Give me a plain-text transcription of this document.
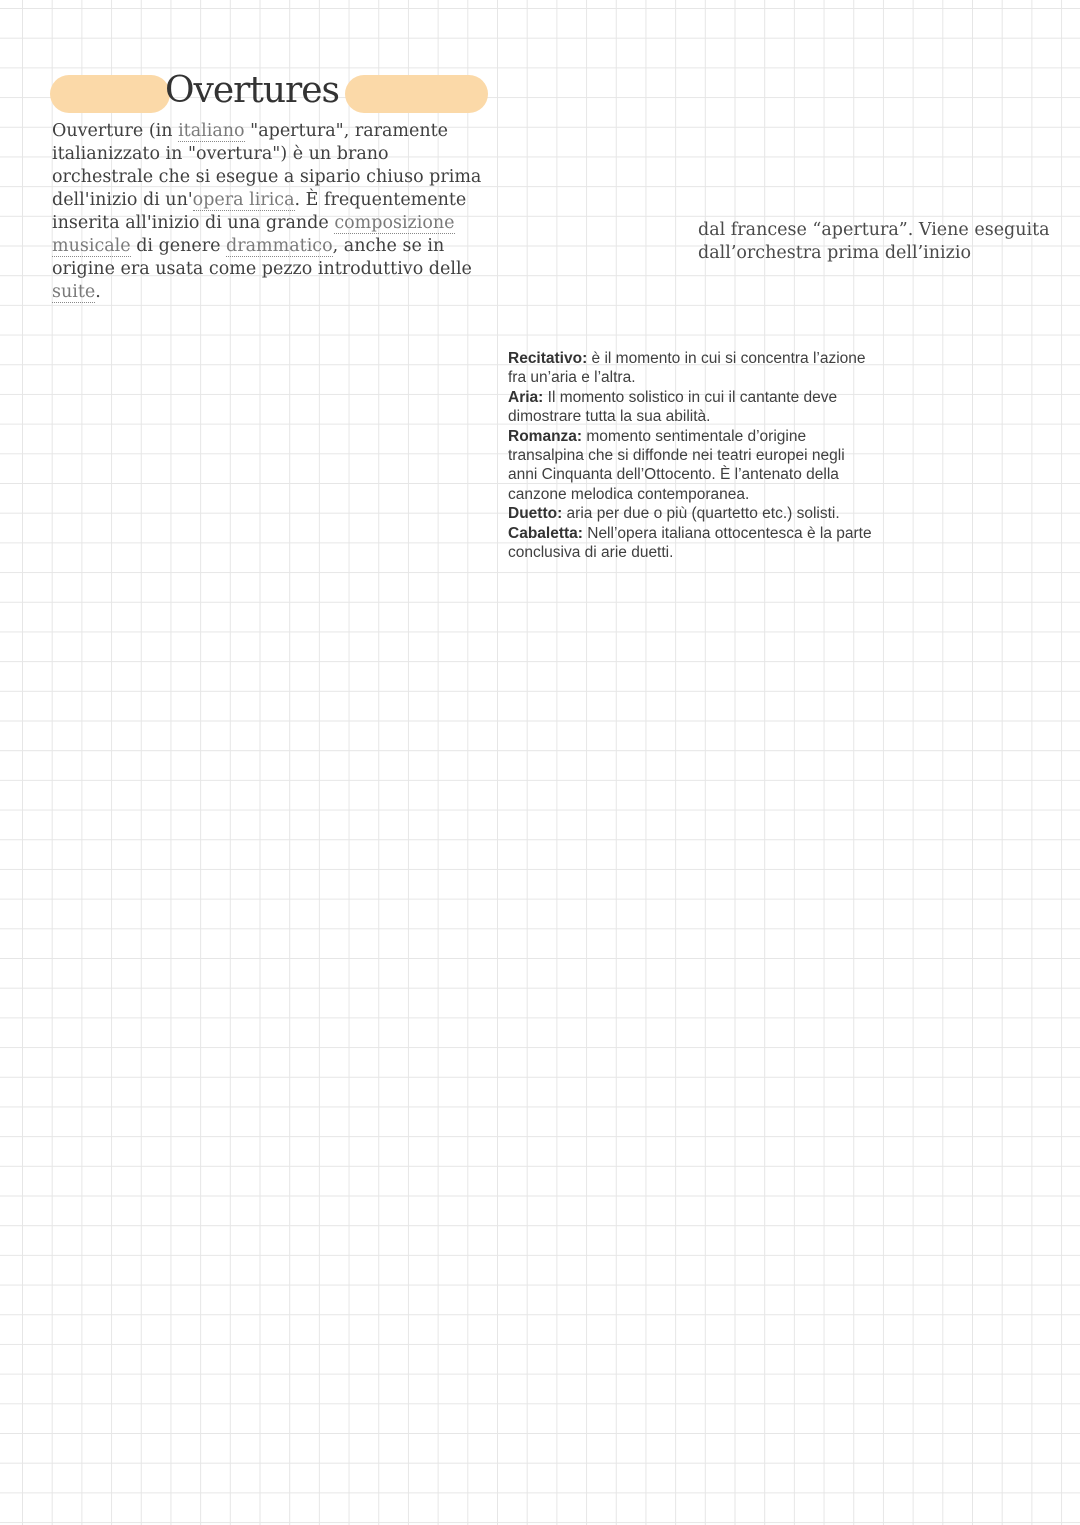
Overtures

Ouverture (in italiano "apertura", raramente italianizzato in "overtura") è un brano orchestrale che si esegue a sipario chiuso prima dell'inizio di un'opera lirica. È frequentemente inserita all'inizio di una grande composizione musicale di genere drammatico, anche se in origine era usata come pezzo introduttivo delle suite.

dal francese “apertura”. Viene eseguita
dall’orchestra prima dell’inizio
Recitativo: è il momento in cui si concentra l’azione fra un’aria e l’altra.
Aria: Il momento solistico in cui il cantante deve dimostrare tutta la sua abilità.
Romanza: momento sentimentale d’origine transalpina che si diffonde nei teatri europei negli anni Cinquanta dell’Ottocento. È l’antenato della canzone melodica contemporanea.
Duetto: aria per due o più (quartetto etc.) solisti.
Cabaletta: Nell’opera italiana ottocentesca è la parte conclusiva di arie duetti.
